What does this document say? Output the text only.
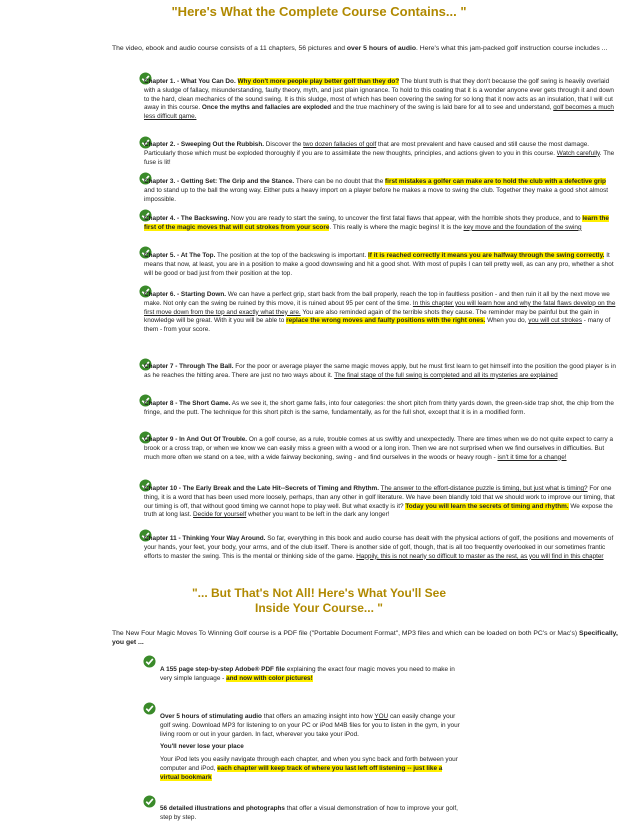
"Here's What the Complete Course Contains... "
The video, ebook and audio course consists of a 11 chapters, 56 pictures and over 5 hours of audio. Here's what this jam-packed golf instruction course includes ...

Chapter 1. - What You Can Do. Why don't more people play better golf than they do? The blunt truth is that they don't because the golf swing is heavily overlaid with a sludge of fallacy, misunderstanding, faulty theory, myth, and just plain ignorance. To hold to this coating that it is a wonder anyone ever gets through it and down to the hard, clean mechanics of the sound swing. It is this sludge, most of which has been covering the swing for so long that it now acts as an insulation, that I will cut away in this course. Once the myths and fallacies are exploded and the true machinery of the swing is laid bare for all to see and understand, golf becomes a much less difficult game.

Chapter 2. - Sweeping Out the Rubbish. Discover the two dozen fallacies of golf that are most prevalent and have caused and still cause the most damage. Particularly those which must be exploded thoroughly if you are to assimilate the new thoughts, principles, and actions given to you in this course. Watch carefully. The fuse is lit!

Chapter 3. - Getting Set: The Grip and the Stance. There can be no doubt that the first mistakes a golfer can make are to hold the club with a defective grip and to stand up to the ball the wrong way. Either puts a heavy import on a player before he makes a move to swing the club. Together they make a good shot almost impossible.

Chapter 4. - The Backswing. Now you are ready to start the swing, to uncover the first fatal flaws that appear, with the horrible shots they produce, and to learn the first of the magic moves that will cut strokes from your score. This really is where the magic begins! It is the key move and the foundation of the swing

Chapter 5. - At The Top. The position at the top of the backswing is important. If it is reached correctly it means you are halfway through the swing correctly. It means that now, at least, you are in a position to make a good downswing and hit a good shot. With most of pupils I can tell pretty well, as can any pro, whether a shot will be good or bad just from their position at the top.

Chapter 6. - Starting Down. We can have a perfect grip, start back from the ball properly, reach the top in faultless position - and then ruin it all by the next move we make. Not only can the swing be ruined by this move, it is ruined about 95 per cent of the time. In this chapter you will learn how and why the fatal flaws develop on the first move down from the top and exactly what they are. You are also reminded again of the terrible shots they cause. The reminder may be painful but the gain in knowledge will be great. With it you will be able to replace the wrong moves and faulty positions with the right ones. When you do, you will cut strokes - many of them - from your score.

Chapter 7 - Through The Ball. For the poor or average player the same magic moves apply, but he must first learn to get himself into the position the good player is in as he reaches the hitting area. There are just no two ways about it. The final stage of the full swing is completed and all its mysteries are explained

Chapter 8 - The Short Game. As we see it, the short game falls, into four categories: the short pitch from thirty yards down, the green-side trap shot, the chip from the fringe, and the putt. The technique for this short pitch is the same, fundamentally, as for the full shot, except that it is in a modified form.

Chapter 9 - In And Out Of Trouble. On a golf course, as a rule, trouble comes at us swiftly and unexpectedly. There are times when we do not quite expect to carry a brook or a cross trap, or when we know we can easily miss a green with a wood or a long iron. Then we are not surprised when we find ourselves in difficulties. But much more often we stand on a tee, with a wide fairway beckoning, swing - and find ourselves in the woods or heavy rough - isn't it time for a change!

Chapter 10 - The Early Break and the Late Hit--Secrets of Timing and Rhythm. The answer to the effort-distance puzzle is timing, but just what is timing? For one thing, it is a word that has been used more loosely, perhaps, than any other in golf literature. We have been blandly told that we should work to improve our timing, that our timing is off, that without good timing we cannot hope to play well. But what exactly is it? Today you will learn the secrets of timing and rhythm. We expose the truth at long last. Decide for yourself whether you want to be left in the dark any longer!

Chapter 11 - Thinking Your Way Around. So far, everything in this book and audio course has dealt with the physical actions of golf, the positions and movements of your hands, your feet, your body, your arms, and of the club itself. There is another side of golf, though, that is all too frequently overlooked in our sometimes frantic efforts to master the swing. This is the mental or thinking side of the game. Happily, this is not nearly so difficult to master as the rest, as you will find in this chapter

"... But That's Not All! Here's What You'll See
Inside Your Course... "
The New Four Magic Moves To Winning Golf course is a PDF file ("Portable Document Format", MP3 files and which can be loaded on both PC's or Mac's) Specifically, you get ...

A 155 page step-by-step Adobe® PDF file explaining the exact four magic moves you need to make in very simple language - and now with color pictures!

Over 5 hours of stimulating audio that offers an amazing insight into how YOU can easily change your golf swing. Download MP3 for listening to on your PC or iPod M4B files for you to listen in the gym, in your living room or out in your garden. In fact, wherever you take your iPod.

You'll never lose your place

Your iPod lets you easily navigate through each chapter, and when you sync back and forth between your computer and iPod, each chapter will keep track of where you last left off listening -- just like a virtual bookmark

56 detailed illustrations and photographs that offer a visual demonstration of how to improve your golf, step by step.
